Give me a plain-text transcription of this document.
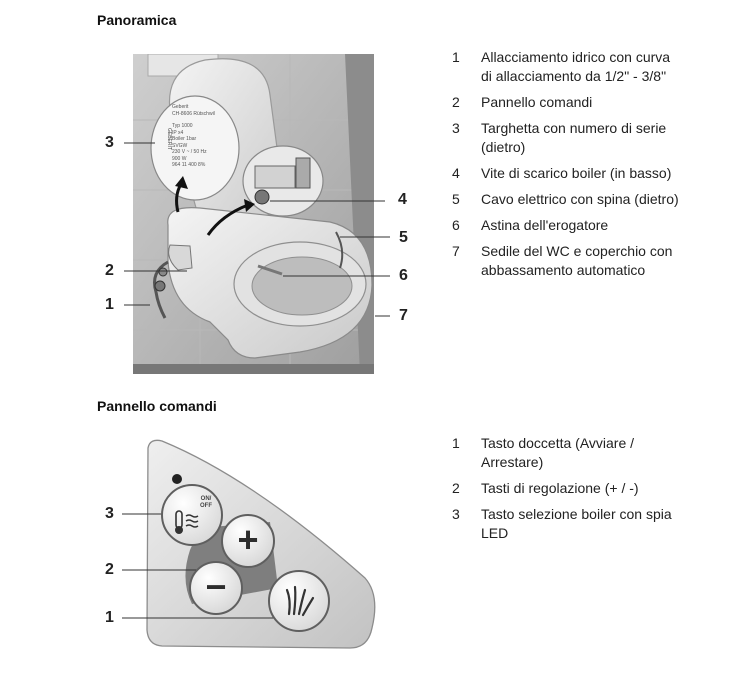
Panoramica
Pannello comandi
Geberit
CH-8606 Rütschwil
Typ 1000
IP x4
Boiler 1bar
SVGW
230 V ~ / 50 Hz
900 W
964 11 400 8%
GEBERIT
3
2
1
4
5
6
7
1	Allacciamento idrico con curva di allacciamento da 1/2" - 3/8"
2	Pannello comandi
3	Targhetta con numero di serie (dietro)
4	Vite di scarico boiler (in basso)
5	Cavo elettrico con spina (dietro)
6	Astina dell'erogatore
7	Sedile del WC e coperchio con abbassamento automatico
ON/ OFF
+
−
3
2
1
1	Tasto doccetta (Avviare / Arrestare)
2	Tasti di regolazione (+ / -)
3	Tasto selezione boiler con spia LED
